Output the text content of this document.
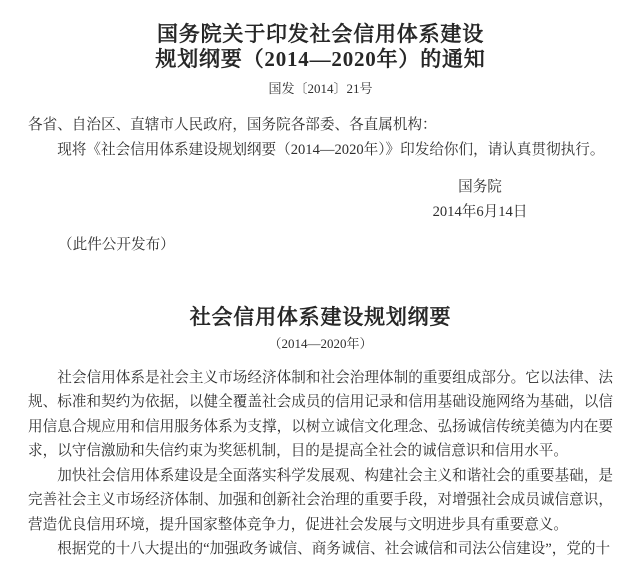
国务院关于印发社会信用体系建设
规划纲要（2014—2020年）的通知
国发〔2014〕21号
各省、自治区、直辖市人民政府，国务院各部委、各直属机构：
现将《社会信用体系建设规划纲要（2014—2020年）》印发给你们，请认真贯彻执行。
国务院
2014年6月14日
（此件公开发布）
社会信用体系建设规划纲要
（2014—2020年）

社会信用体系是社会主义市场经济体制和社会治理体制的重要组成部分。它以法律、法规、标准和契约为依据，以健全覆盖社会成员的信用记录和信用基础设施网络为基础，以信用信息合规应用和信用服务体系为支撑，以树立诚信文化理念、弘扬诚信传统美德为内在要求，以守信激励和失信约束为奖惩机制，目的是提高全社会的诚信意识和信用水平。

加快社会信用体系建设是全面落实科学发展观、构建社会主义和谐社会的重要基础，是完善社会主义市场经济体制、加强和创新社会治理的重要手段，对增强社会成员诚信意识，营造优良信用环境，提升国家整体竞争力，促进社会发展与文明进步具有重要意义。

根据党的十八大提出的“加强政务诚信、商务诚信、社会诚信和司法公信建设”，党的十
